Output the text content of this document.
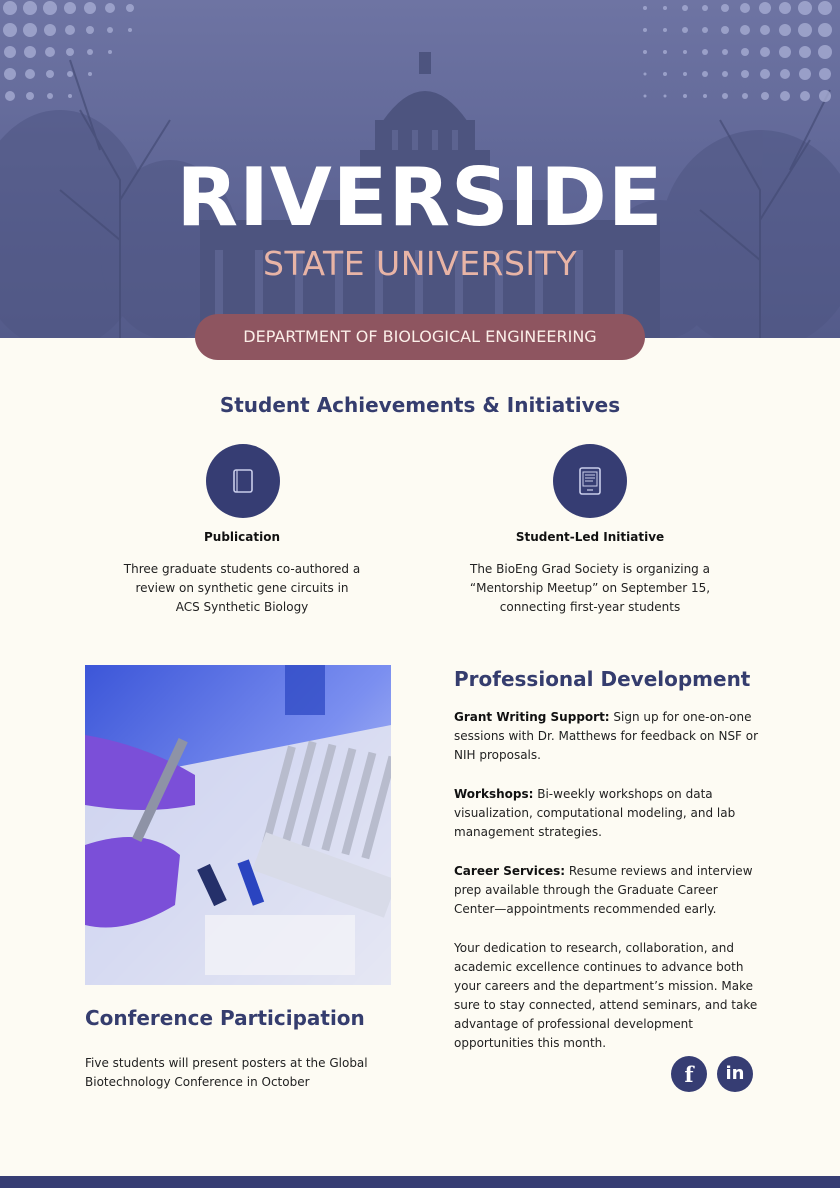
RIVERSIDE
STATE UNIVERSITY
DEPARTMENT OF BIOLOGICAL ENGINEERING
Student Achievements & Initiatives
Publication
Three graduate students co-authored a review on synthetic gene circuits in ACS Synthetic Biology
Student-Led Initiative
The BioEng Grad Society is organizing a “Mentorship Meetup” on September 15, connecting first-year students
Conference Participation
Five students will present posters at the Global Biotechnology Conference in October
Professional Development
Grant Writing Support: Sign up for one-on-one sessions with Dr. Matthews for feedback on NSF or NIH proposals.
Workshops: Bi-weekly workshops on data visualization, computational modeling, and lab management strategies.
Career Services: Resume reviews and interview prep available through the Graduate Career Center—appointments recommended early.
Your dedication to research, collaboration, and academic excellence continues to advance both your careers and the department’s mission. Make sure to stay connected, attend seminars, and take advantage of professional development opportunities this month.
f	in
